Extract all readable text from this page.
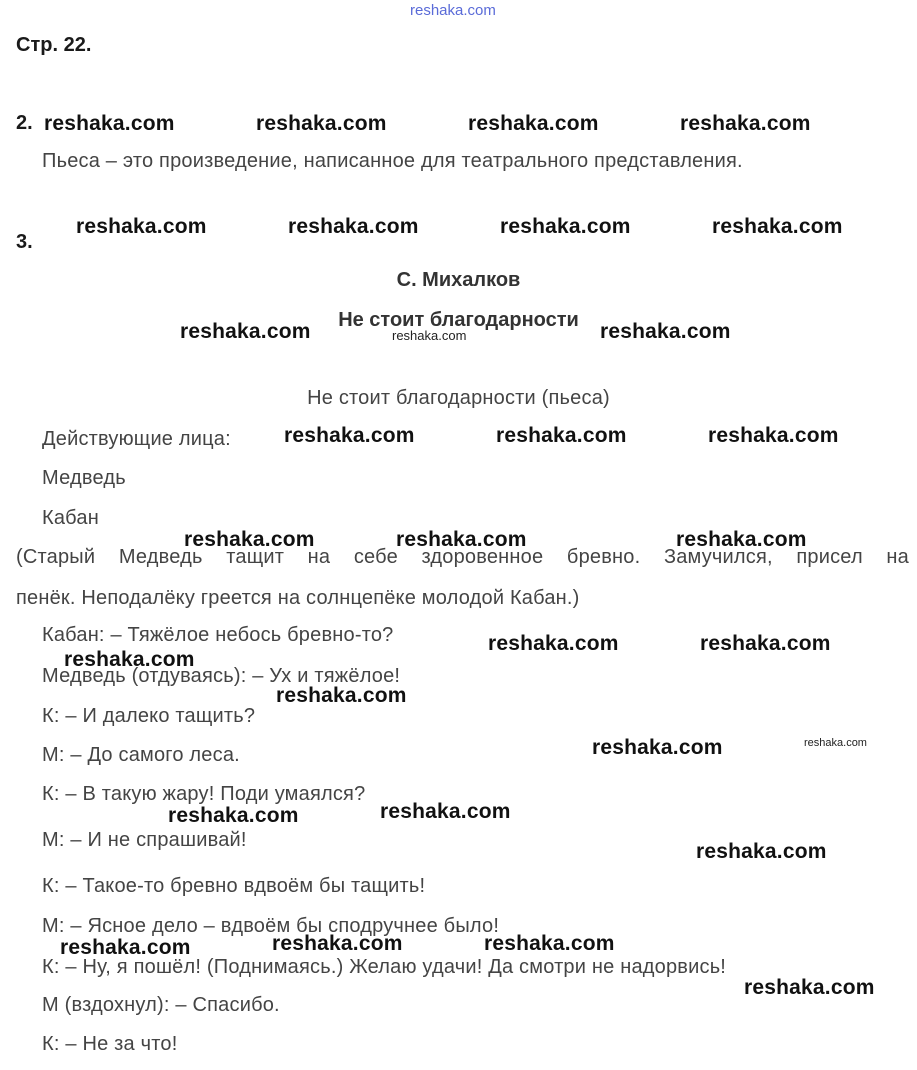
reshaka.com
Стр. 22.
2.
Пьеса – это произведение, написанное для театрального представления.
3.
С. Михалков
Не стоит благодарности
Не стоит благодарности (пьеса)
Действующие лица:
Медведь
Кабан
(Старый Медведь тащит на себе здоровенное бревно. Замучился, присел на
пенёк. Неподалёку греется на солнцепёке молодой Кабан.)
Кабан: – Тяжёлое небось бревно-то?
Медведь (отдуваясь): – Ух и тяжёлое!
К: – И далеко тащить?
М: – До самого леса.
К: – В такую жару! Поди умаялся?
М: – И не спрашивай!
К: – Такое-то бревно вдвоём бы тащить!
М: – Ясное дело – вдвоём бы сподручнее было!
К: – Ну, я пошёл! (Поднимаясь.) Желаю удачи! Да смотри не надорвись!
М (вздохнул): – Спасибо.
К: – Не за что!
reshaka.com	reshaka.com	reshaka.com	reshaka.com
reshaka.com	reshaka.com	reshaka.com	reshaka.com
reshaka.com	reshaka.com
reshaka.com
reshaka.com	reshaka.com	reshaka.com
reshaka.com	reshaka.com	reshaka.com
reshaka.com	reshaka.com
reshaka.com
reshaka.com
reshaka.com	reshaka.com
reshaka.com
reshaka.com
reshaka.com
reshaka.com	reshaka.com	reshaka.com
reshaka.com
